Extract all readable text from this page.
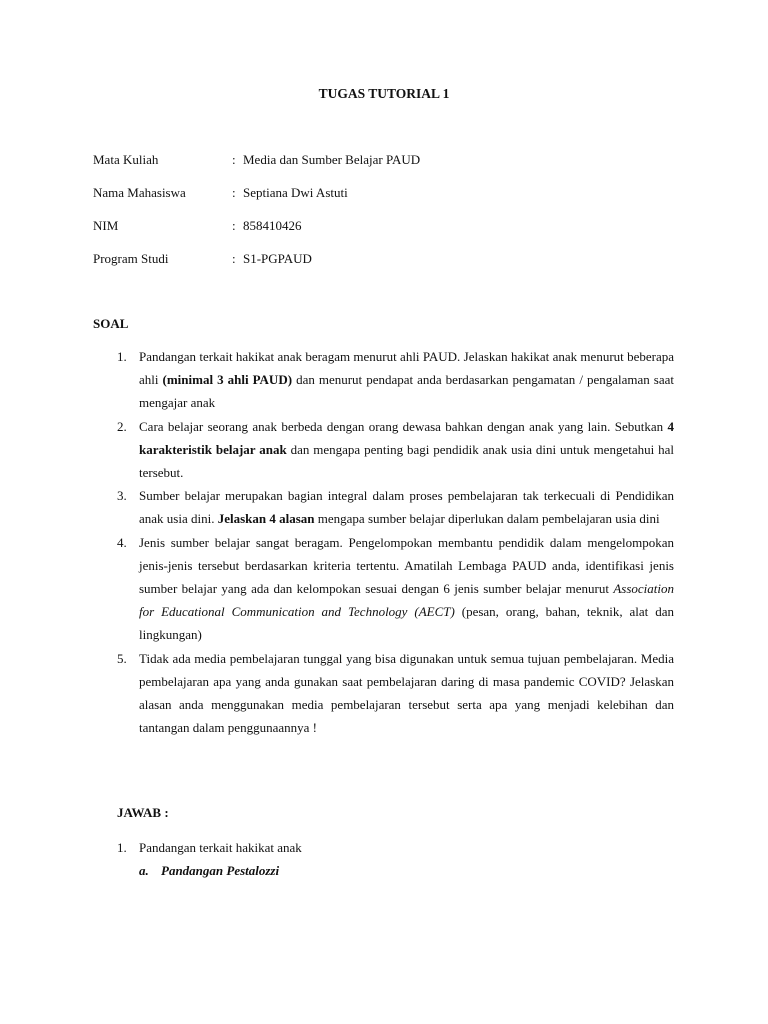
TUGAS TUTORIAL 1
Mata Kuliah	: Media dan Sumber Belajar PAUD
Nama Mahasiswa	: Septiana Dwi Astuti
NIM	: 858410426
Program Studi	: S1-PGPAUD
SOAL
1. Pandangan terkait hakikat anak beragam menurut ahli PAUD. Jelaskan hakikat anak menurut beberapa ahli (minimal 3 ahli PAUD) dan menurut pendapat anda berdasarkan pengamatan / pengalaman saat mengajar anak
2. Cara belajar seorang anak berbeda dengan orang dewasa bahkan dengan anak yang lain. Sebutkan 4 karakteristik belajar anak dan mengapa penting bagi pendidik anak usia dini untuk mengetahui hal tersebut.
3. Sumber belajar merupakan bagian integral dalam proses pembelajaran tak terkecuali di Pendidikan anak usia dini. Jelaskan 4 alasan mengapa sumber belajar diperlukan dalam pembelajaran usia dini
4. Jenis sumber belajar sangat beragam. Pengelompokan membantu pendidik dalam mengelompokan jenis-jenis tersebut berdasarkan kriteria tertentu. Amatilah Lembaga PAUD anda, identifikasi jenis sumber belajar yang ada dan kelompokan sesuai dengan 6 jenis sumber belajar menurut Association for Educational Communication and Technology (AECT) (pesan, orang, bahan, teknik, alat dan lingkungan)
5. Tidak ada media pembelajaran tunggal yang bisa digunakan untuk semua tujuan pembelajaran. Media pembelajaran apa yang anda gunakan saat pembelajaran daring di masa pandemic COVID? Jelaskan alasan anda menggunakan media pembelajaran tersebut serta apa yang menjadi kelebihan dan tantangan dalam penggunaannya !
JAWAB :
1. Pandangan terkait hakikat anak
a. Pandangan Pestalozzi
